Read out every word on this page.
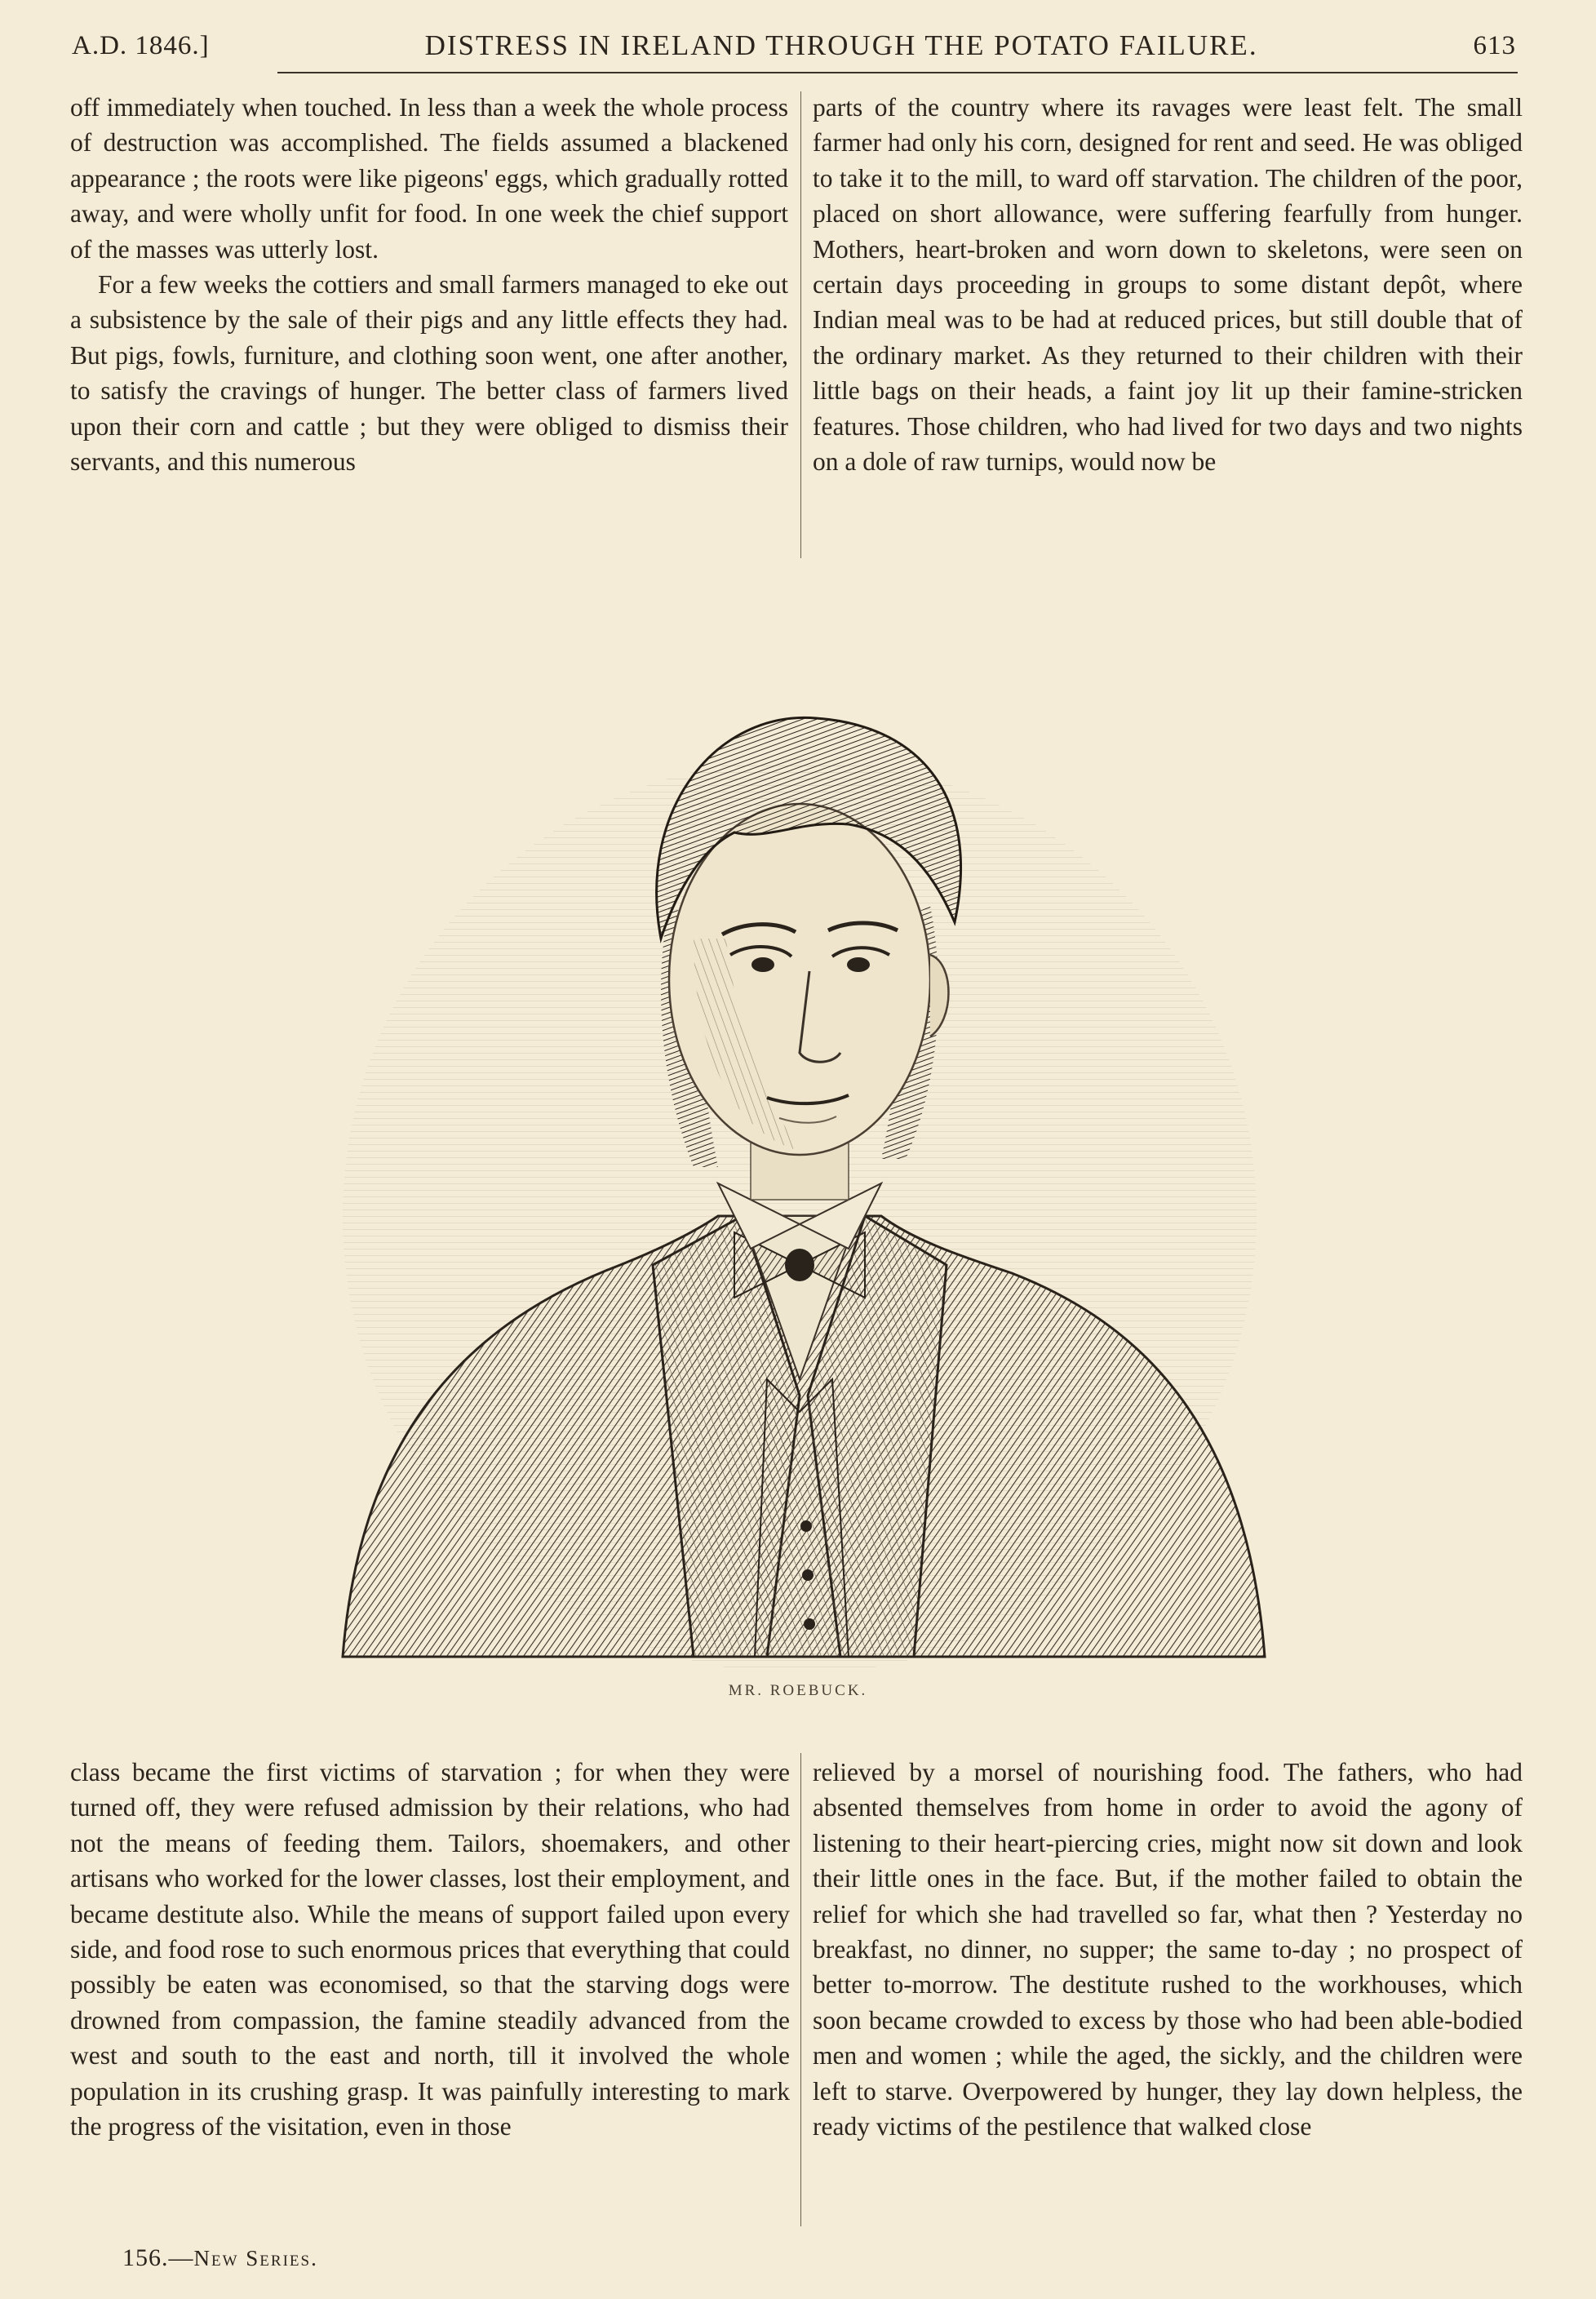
A.D. 1846.]	DISTRESS IN IRELAND THROUGH THE POTATO FAILURE.	613

off immediately when touched. In less than a week the whole process of destruction was accomplished. The fields assumed a blackened appearance ; the roots were like pigeons' eggs, which gradually rotted away, and were wholly unfit for food. In one week the chief support of the masses was utterly lost.

For a few weeks the cottiers and small farmers managed to eke out a subsistence by the sale of their pigs and any little effects they had. But pigs, fowls, furniture, and clothing soon went, one after another, to satisfy the cravings of hunger. The better class of farmers lived upon their corn and cattle ; but they were obliged to dismiss their servants, and this numerous

parts of the country where its ravages were least felt. The small farmer had only his corn, designed for rent and seed. He was obliged to take it to the mill, to ward off starvation. The children of the poor, placed on short allowance, were suffering fearfully from hunger. Mothers, heart-broken and worn down to skeletons, were seen on certain days proceeding in groups to some distant depôt, where Indian meal was to be had at reduced prices, but still double that of the ordinary market. As they returned to their children with their little bags on their heads, a faint joy lit up their famine-stricken features. Those children, who had lived for two days and two nights on a dole of raw turnips, would now be

MR. ROEBUCK.

class became the first victims of starvation ; for when they were turned off, they were refused admission by their relations, who had not the means of feeding them. Tailors, shoemakers, and other artisans who worked for the lower classes, lost their employment, and became destitute also. While the means of support failed upon every side, and food rose to such enormous prices that everything that could possibly be eaten was economised, so that the starving dogs were drowned from compassion, the famine steadily advanced from the west and south to the east and north, till it involved the whole population in its crushing grasp. It was painfully interesting to mark the progress of the visitation, even in those

relieved by a morsel of nourishing food. The fathers, who had absented themselves from home in order to avoid the agony of listening to their heart-piercing cries, might now sit down and look their little ones in the face. But, if the mother failed to obtain the relief for which she had travelled so far, what then ? Yesterday no breakfast, no dinner, no supper; the same to-day ; no prospect of better to-morrow. The destitute rushed to the workhouses, which soon became crowded to excess by those who had been able-bodied men and women ; while the aged, the sickly, and the children were left to starve. Overpowered by hunger, they lay down helpless, the ready victims of the pestilence that walked close

156.—New Series.
